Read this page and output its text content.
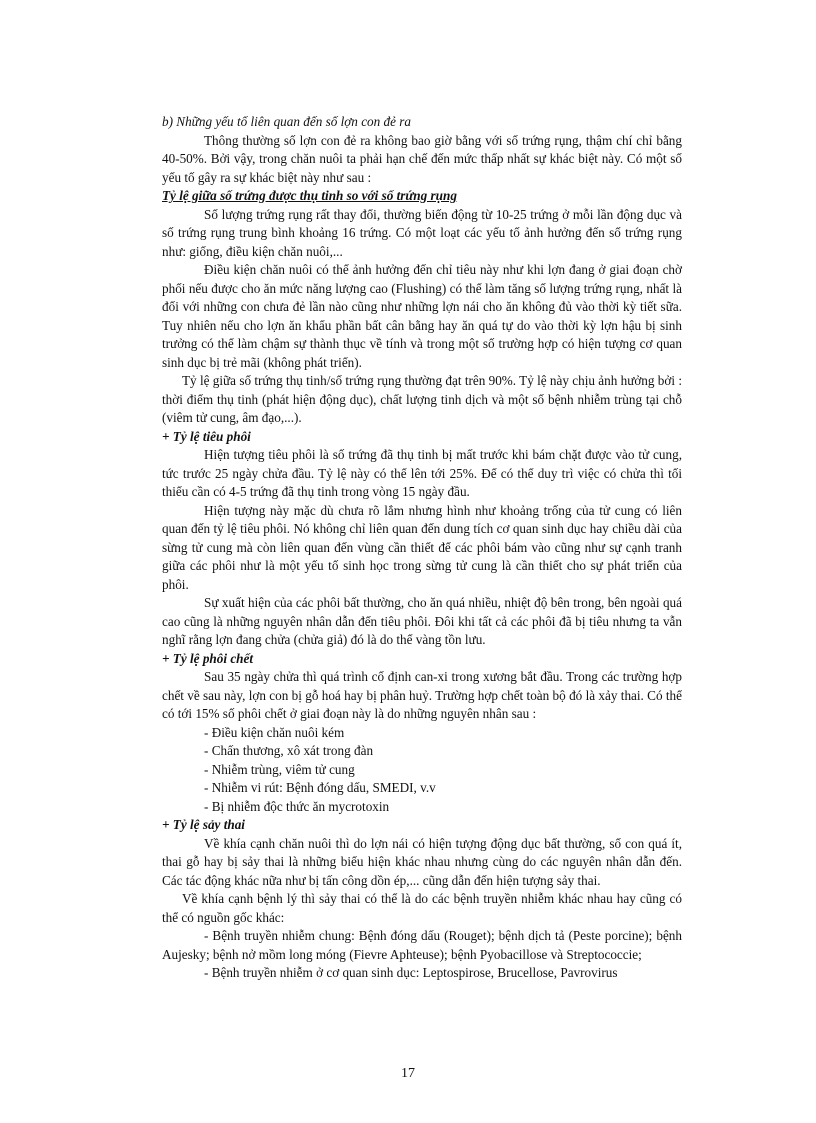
b) Những yếu tố liên quan đến số lợn con đẻ ra

Thông thường số lợn con đẻ ra không bao giờ bằng với số trứng rụng, thậm chí chỉ bằng 40-50%. Bởi vậy, trong chăn nuôi ta phải hạn chế đến mức thấp nhất sự khác biệt này. Có một số yếu tố gây ra sự khác biệt này như sau :

Tỷ lệ giữa số trứng được thụ tinh so với số trứng rụng

Số lượng trứng rụng rất thay đổi, thường biến động từ 10-25 trứng ở mỗi lần động dục và số trứng rụng trung bình khoảng 16 trứng. Có một loạt các yếu tố ảnh hưởng đến số trứng rụng như: giống, điều kiện chăn nuôi,...

Điều kiện chăn nuôi có thể ảnh hưởng đến chỉ tiêu này như khi lợn đang ở giai đoạn chờ phối nếu được cho ăn mức năng lượng cao (Flushing) có thể làm tăng số lượng trứng rụng, nhất là đối với những con chưa đẻ lần nào cũng như những lợn nái cho ăn không đủ vào thời kỳ tiết sữa. Tuy nhiên nếu cho lợn ăn khẩu phần bất cân bằng hay ăn quá tự do vào thời kỳ lợn hậu bị sinh trưởng có thể làm chậm sự thành thục về tính và trong một số trường hợp có hiện tượng cơ quan sinh dục bị trẻ mãi (không phát triển).

Tỷ lệ giữa số trứng thụ tinh/số trứng rụng thường đạt trên 90%. Tỷ lệ này chịu ảnh hưởng bởi : thời điểm thụ tinh (phát hiện động dục), chất lượng tinh dịch và một số bệnh nhiễm trùng tại chỗ (viêm tử cung, âm đạo,...).

+ Tỷ lệ tiêu phôi

Hiện tượng tiêu phôi là số trứng đã thụ tinh bị mất trước khi bám chặt được vào tử cung, tức trước 25 ngày chửa đầu. Tỷ lệ này có thể lên tới 25%. Để có thể duy trì việc có chửa thì tối thiểu cần có 4-5 trứng đã thụ tinh trong vòng 15 ngày đầu.

Hiện tượng này mặc dù chưa rõ lắm nhưng hình như khoảng trống của tử cung có liên quan đến tỷ lệ tiêu phôi. Nó không chỉ liên quan đến dung tích cơ quan sinh dục hay chiều dài của sừng tử cung mà còn liên quan đến vùng cần thiết để các phôi bám vào cũng như sự cạnh tranh giữa các phôi như là một yếu tố sinh học trong sừng tử cung là cần thiết cho sự phát triển của phôi.

Sự xuất hiện của các phôi bất thường, cho ăn quá nhiều, nhiệt độ bên trong, bên ngoài quá cao cũng là những nguyên nhân dẫn đến tiêu phôi. Đôi khi tất cả các phôi đã bị tiêu nhưng ta vẫn nghĩ rằng lợn đang chửa (chửa giả) đó là do thể vàng tồn lưu.

+ Tỷ lệ phôi chết

Sau 35 ngày chửa thì quá trình cố định can-xi trong xương bắt đầu. Trong các trường hợp chết về sau này, lợn con bị gỗ hoá hay bị phân huỷ. Trường hợp chết toàn bộ đó là xảy thai. Có thể có tới 15% số phôi chết ở giai đoạn này là do những nguyên nhân sau :

- Điều kiện chăn nuôi kém

- Chấn thương, xô xát trong đàn

- Nhiễm trùng, viêm tử cung

- Nhiễm vi rút: Bệnh đóng dấu, SMEDI, v.v

- Bị nhiễm độc thức ăn mycrotoxin

+ Tỷ lệ sảy thai

Về khía cạnh chăn nuôi thì do lợn nái có hiện tượng động dục bất thường, số con quá ít, thai gỗ hay bị sảy thai là những biểu hiện khác nhau nhưng cùng do các nguyên nhân dẫn đến. Các tác động khác nữa như bị tấn công dồn ép,... cũng dẫn đến hiện tượng sảy thai.

Về khía cạnh bệnh lý thì sảy thai có thể là do các bệnh truyền nhiễm khác nhau hay cũng có thể có nguồn gốc khác:

- Bệnh truyền nhiễm chung: Bệnh đóng dấu (Rouget); bệnh dịch tả (Peste porcine); bệnh Aujesky; bệnh nở mồm long móng (Fievre Aphteuse); bệnh Pyobacillose và Streptococcie;

- Bệnh truyền nhiễm ở cơ quan sinh dục: Leptospirose, Brucellose, Pavrovirus

17
